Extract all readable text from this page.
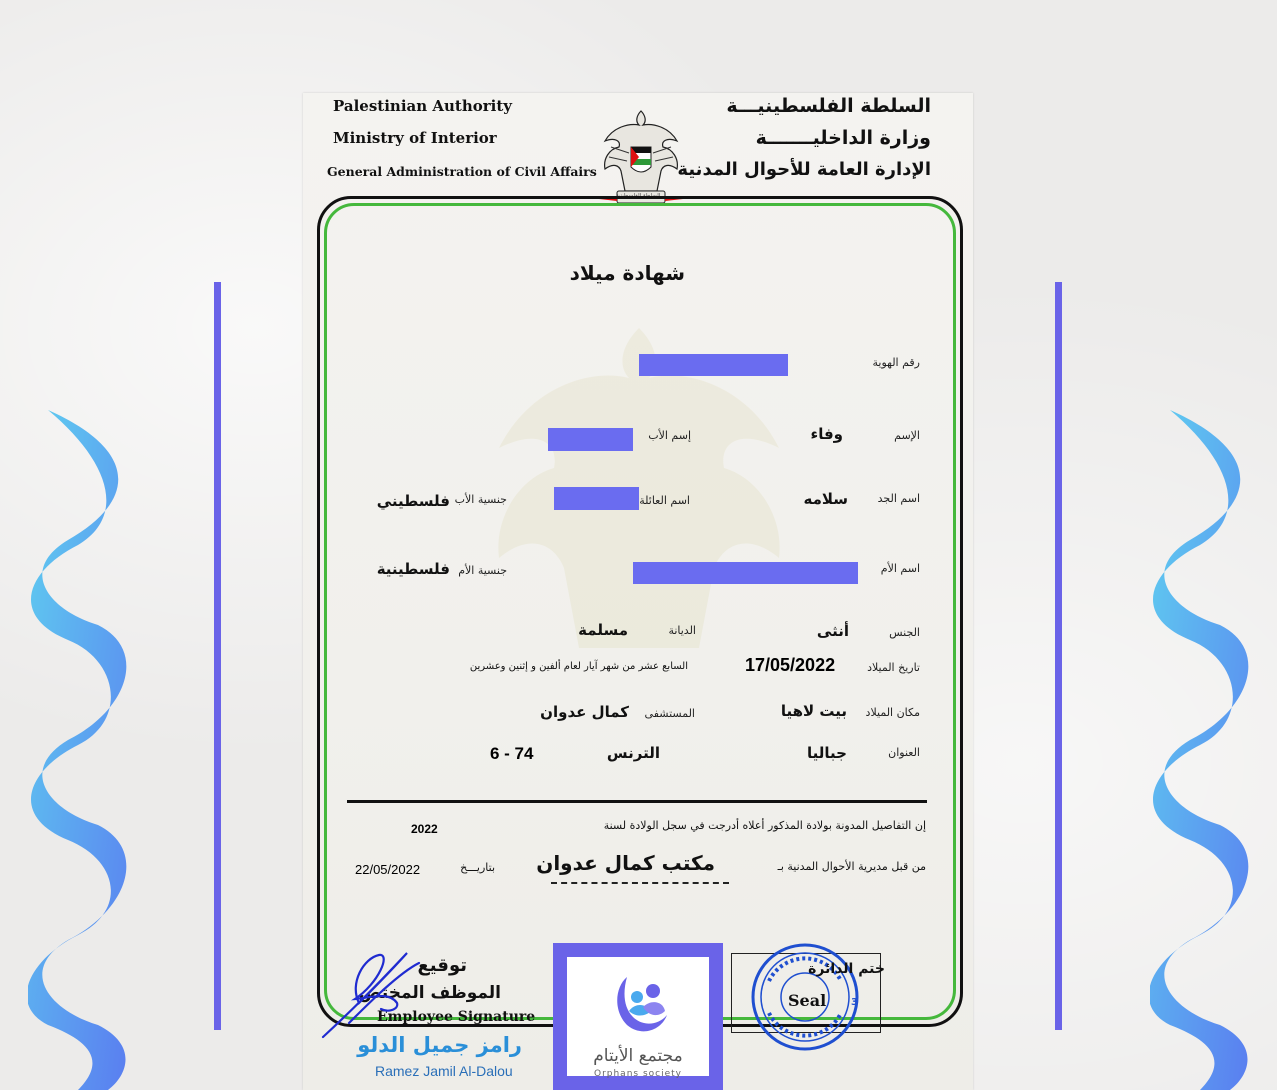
Palestinian Authority
Ministry of Interior
General Administration of Civil Affairs
السلطة الفلسطينيـــة
وزارة الداخليـــــــة
الإدارة العامة للأحوال المدنية
السلطة الفلسطينية
شهادة ميلاد
رقم الهوية
الإسم
وفاء
إسم الأب
اسم الجد
سلامه
اسم العائلة
جنسية الأب
فلسطيني
اسم الأم
جنسية الأم
فلسطينية
الجنس
أنثى
الديانة
مسلمة
تاريخ الميلاد
17/05/2022
السابع عشر من شهر آيار لعام ألفين و إثنين وعشرين
مكان الميلاد
بيت لاهيا
المستشفى
كمال عدوان
العنوان
جباليا
الترنس
6 - 74
إن التفاصيل المدونة بولادة المذكور أعلاه أدرجت في سجل الولادة لسنة
2022
من قبل مديرية الأحوال المدنية بـ
مكتب كمال عدوان
بتاريـــخ
22/05/2022
توقيع
الموظف المختص
Employee Signature
رامز جميل الدلو
Ramez Jamil Al-Dalou
مجتمع الأيتام
Orphans society
ختم الدائرة
Seal 3
